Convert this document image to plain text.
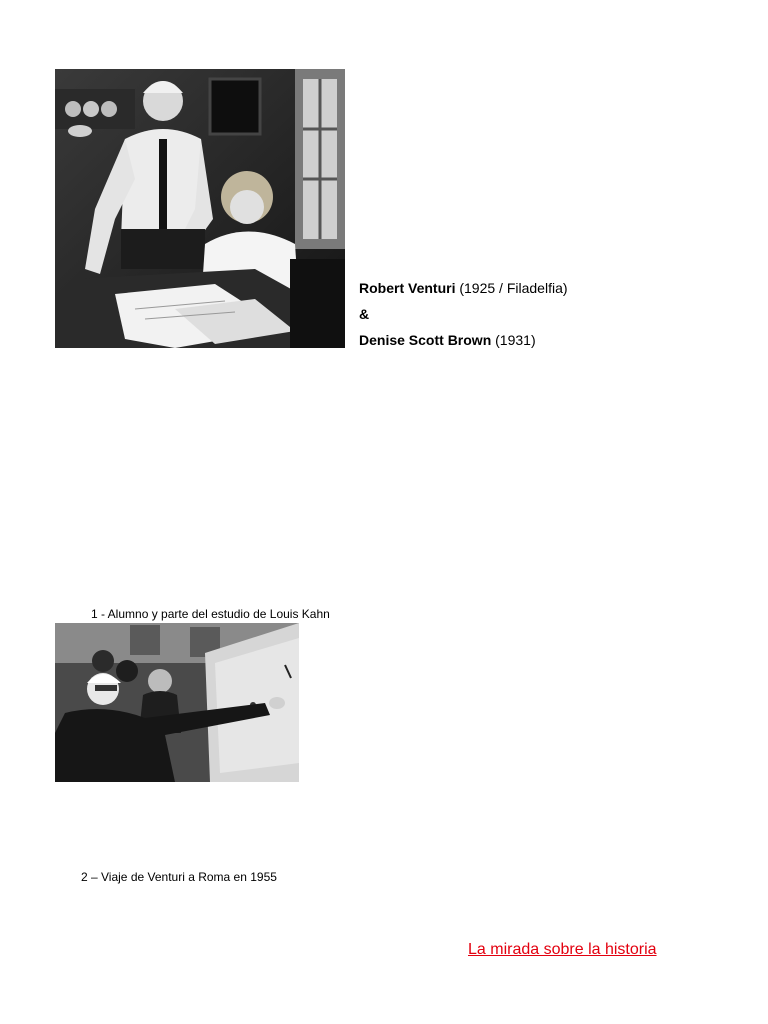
Robert Venturi (1925 / Filadelfia)
&
Denise Scott Brown (1931)
1 - Alumno y parte del estudio de Louis Kahn
2 – Viaje de Venturi a Roma en 1955
La mirada sobre la historia
